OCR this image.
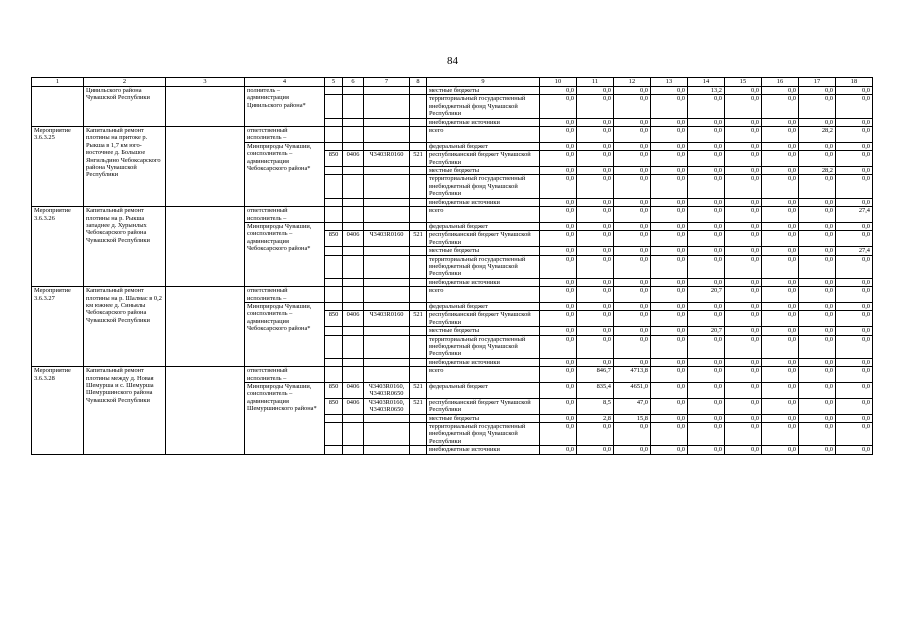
84
1	2	3	4	5	6	7	8	9	10	11	12	13	14	15	16	17	18
	Цивильского района Чувашской Республики		полнитель – администрация Цивильского района*					местные бюджеты	0,0	0,0	0,0	0,0	13,2	0,0	0,0	0,0	0,0
								территориальный государственный внебюджетный фонд Чувашской Республики	0,0	0,0	0,0	0,0	0,0	0,0	0,0	0,0	0,0
								внебюджетные источники	0,0	0,0	0,0	0,0	0,0	0,0	0,0	0,0	0,0
Мероприятие 3.6.3.25	Капитальный ремонт плотины на притоке р. Рыкша в 1,7 км юго-восточнее д. Большое Янгильдино Чебоксарского района Чувашской Республики		ответственный исполнитель –					всего	0,0	0,0	0,0	0,0	0,0	0,0	0,0	28,2	0,0
			Минприроды Чувашии, соисполнитель – администрация Чебоксарского района*					федеральный бюджет	0,0	0,0	0,0	0,0	0,0	0,0	0,0	0,0	0,0
				850	0406	Ч3403R0160	521	республиканский бюджет Чувашской Республики	0,0	0,0	0,0	0,0	0,0	0,0	0,0	0,0	0,0
								местные бюджеты	0,0	0,0	0,0	0,0	0,0	0,0	0,0	28,2	0,0
								территориальный государственный внебюджетный фонд Чувашской Республики	0,0	0,0	0,0	0,0	0,0	0,0	0,0	0,0	0,0
								внебюджетные источники	0,0	0,0	0,0	0,0	0,0	0,0	0,0	0,0	0,0
Мероприятие 3.6.3.26	Капитальный ремонт плотины на р. Рыкша западнее д. Хурынлых Чебоксарского района Чувашской Республики		ответственный исполнитель –					всего	0,0	0,0	0,0	0,0	0,0	0,0	0,0	0,0	27,4
			Минприроды Чувашии, соисполнитель – администрация Чебоксарского района*					федеральный бюджет	0,0	0,0	0,0	0,0	0,0	0,0	0,0	0,0	0,0
				850	0406	Ч3403R0160	521	республиканский бюджет Чувашской Республики	0,0	0,0	0,0	0,0	0,0	0,0	0,0	0,0	0,0
								местные бюджеты	0,0	0,0	0,0	0,0	0,0	0,0	0,0	0,0	27,4
								территориальный государственный внебюджетный фонд Чувашской Республики	0,0	0,0	0,0	0,0	0,0	0,0	0,0	0,0	0,0
								внебюджетные источники	0,0	0,0	0,0	0,0	0,0	0,0	0,0	0,0	0,0
Мероприятие 3.6.3.27	Капитальный ремонт плотины на р. Шалмас в 0,2 км южнее д. Синьялы Чебоксарского района Чувашской Республики		ответственный исполнитель –					всего	0,0	0,0	0,0	0,0	20,7	0,0	0,0	0,0	0,0
			Минприроды Чувашии, соисполнитель – администрация Чебоксарского района*					федеральный бюджет	0,0	0,0	0,0	0,0	0,0	0,0	0,0	0,0	0,0
				850	0406	Ч3403R0160	521	республиканский бюджет Чувашской Республики	0,0	0,0	0,0	0,0	0,0	0,0	0,0	0,0	0,0
								местные бюджеты	0,0	0,0	0,0	0,0	20,7	0,0	0,0	0,0	0,0
								территориальный государственный внебюджетный фонд Чувашской Республики	0,0	0,0	0,0	0,0	0,0	0,0	0,0	0,0	0,0
								внебюджетные источники	0,0	0,0	0,0	0,0	0,0	0,0	0,0	0,0	0,0
Мероприятие 3.6.3.28	Капитальный ремонт плотины между д. Новая Шемурша и с. Шемурша Шемуршинского района Чувашской Республики		ответственный исполнитель –					всего	0,0	846,7	4713,8	0,0	0,0	0,0	0,0	0,0	0,0
			Минприроды Чувашии, соисполнитель – администрация Шемуршинского района*	850	0406	Ч3403R0160, Ч3403R0650	521	федеральный бюджет	0,0	835,4	4651,0	0,0	0,0	0,0	0,0	0,0	0,0
				850	0406	Ч3403R0160, Ч3403R0650	521	республиканский бюджет Чувашской Республики	0,0	8,5	47,0	0,0	0,0	0,0	0,0	0,0	0,0
								местные бюджеты	0,0	2,8	15,8	0,0	0,0	0,0	0,0	0,0	0,0
								территориальный государственный внебюджетный фонд Чувашской Республики	0,0	0,0	0,0	0,0	0,0	0,0	0,0	0,0	0,0
								внебюджетные источники	0,0	0,0	0,0	0,0	0,0	0,0	0,0	0,0	0,0
